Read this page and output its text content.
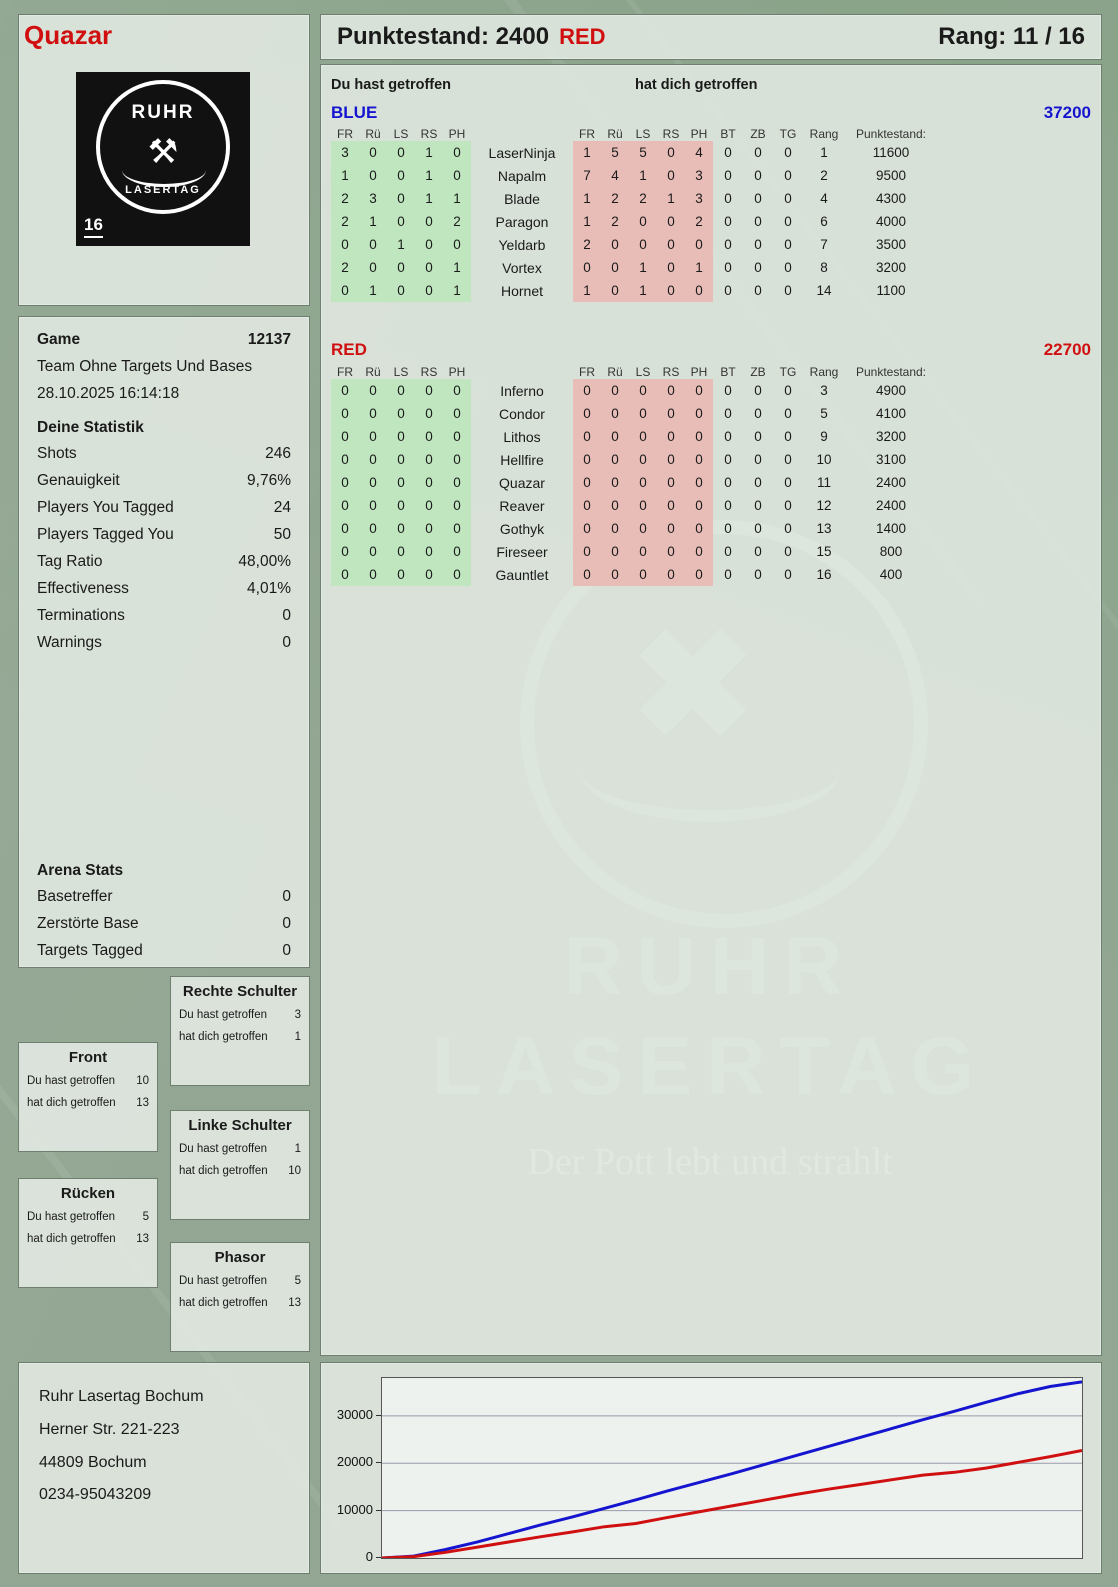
Quazar
RUHR
⚒
LASERTAG
16
Punktestand: 2400 RED	Rang: 11 / 16
Du hast getroffen	hat dich getroffen
BLUE	37200
FR	Rü	LS	RS	PH		FR	Rü	LS	RS	PH	BT	ZB	TG	Rang	Punktestand:
3	0	0	1	0	LaserNinja	1	5	5	0	4	0	0	0	1	11600
1	0	0	1	0	Napalm	7	4	1	0	3	0	0	0	2	9500
2	3	0	1	1	Blade	1	2	2	1	3	0	0	0	4	4300
2	1	0	0	2	Paragon	1	2	0	0	2	0	0	0	6	4000
0	0	1	0	0	Yeldarb	2	0	0	0	0	0	0	0	7	3500
2	0	0	0	1	Vortex	0	0	1	0	1	0	0	0	8	3200
0	1	0	0	1	Hornet	1	0	1	0	0	0	0	0	14	1100
RED	22700
FR	Rü	LS	RS	PH		FR	Rü	LS	RS	PH	BT	ZB	TG	Rang	Punktestand:
0	0	0	0	0	Inferno	0	0	0	0	0	0	0	0	3	4900
0	0	0	0	0	Condor	0	0	0	0	0	0	0	0	5	4100
0	0	0	0	0	Lithos	0	0	0	0	0	0	0	0	9	3200
0	0	0	0	0	Hellfire	0	0	0	0	0	0	0	0	10	3100
0	0	0	0	0	Quazar	0	0	0	0	0	0	0	0	11	2400
0	0	0	0	0	Reaver	0	0	0	0	0	0	0	0	12	2400
0	0	0	0	0	Gothyk	0	0	0	0	0	0	0	0	13	1400
0	0	0	0	0	Fireseer	0	0	0	0	0	0	0	0	15	800
0	0	0	0	0	Gauntlet	0	0	0	0	0	0	0	0	16	400
Game	12137
Team Ohne Targets Und Bases
28.10.2025 16:14:18
Deine Statistik
Shots	246
Genauigkeit	9,76%
Players You Tagged	24
Players Tagged You	50
Tag Ratio	48,00%
Effectiveness	4,01%
Terminations	0
Warnings	0
Arena Stats
Basetreffer	0
Zerstörte Base	0
Targets Tagged	0
Rechte Schulter
Du hast getroffen 3
hat dich getroffen 1
Front
Du hast getroffen 10
hat dich getroffen 13
Linke Schulter
Du hast getroffen 1
hat dich getroffen 10
Rücken
Du hast getroffen 5
hat dich getroffen 13
Phasor
Du hast getroffen 5
hat dich getroffen 13
Ruhr Lasertag Bochum
Herner Str. 221-223
44809 Bochum
0234-95043209
0
10000
20000
30000
